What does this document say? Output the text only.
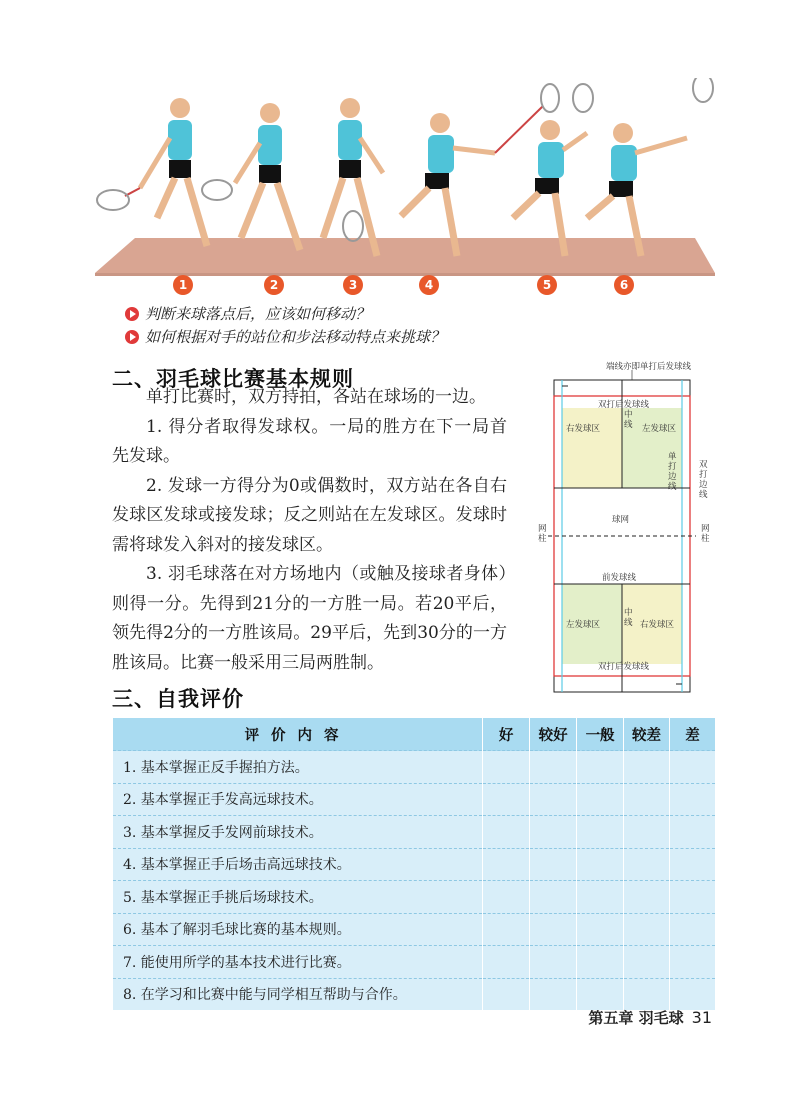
1	2	3	4	5	6
判断来球落点后，应该如何移动？
如何根据对手的站位和步法移动特点来挑球？
二、羽毛球比赛基本规则

单打比赛时，双方持拍，各站在球场的一边。

1. 得分者取得发球权。一局的胜方在下一局首先发球。

2. 发球一方得分为0或偶数时，双方站在各自右发球区发球或接发球；反之则站在左发球区。发球时需将球发入斜对的接发球区。

3. 羽毛球落在对方场地内（或触及接球者身体）则得一分。先得到21分的一方胜一局。若20平后，领先得2分的一方胜该局。29平后，先到30分的一方胜该局。比赛一般采用三局两胜制。

端线亦即单打后发球线
双打后发球线
右发球区	左发球区
中线
单打边线
双打边线
球网
网柱
网柱
前发球线
左发球区	右发球区
中线
双打后发球线
三、自我评价
评价内容	好	较好	一般	较差	差
1. 基本掌握正反手握拍方法。					
2. 基本掌握正手发高远球技术。					
3. 基本掌握反手发网前球技术。					
4. 基本掌握正手后场击高远球技术。					
5. 基本掌握正手挑后场球技术。					
6. 基本了解羽毛球比赛的基本规则。					
7. 能使用所学的基本技术进行比赛。					
8. 在学习和比赛中能与同学相互帮助与合作。					
第五章 羽毛球 31
